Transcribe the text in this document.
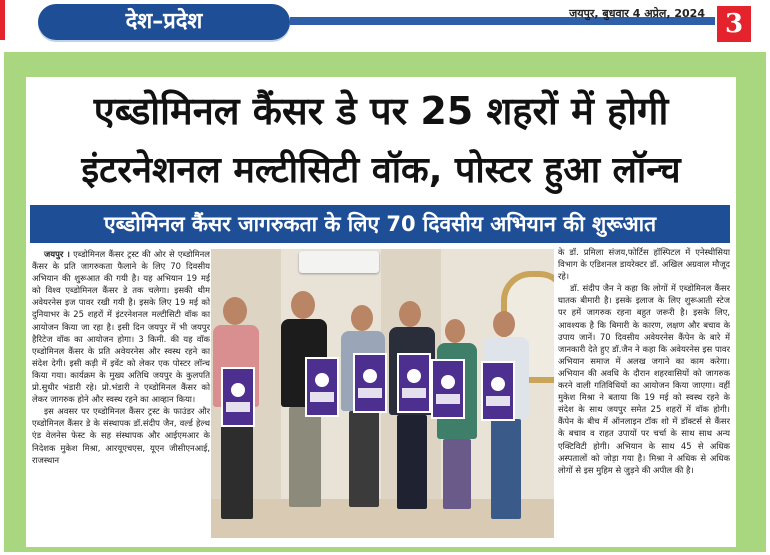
देश–प्रदेश	जयपुर, बुधवार 4 अप्रेल, 2024 3
एब्डोमिनल कैंसर डे पर 25 शहरों में होगी
इंटरनेशनल मल्टीसिटी वॉक, पोस्टर हुआ लॉन्च
एब्डोमिनल कैंसर जागरुकता के लिए 70 दिवसीय अभियान की शुरूआत

जयपुर । एब्डोमिनल कैंसर ट्रस्ट की ओर से एब्डोमिनल कैंसर के प्रति जागरुकता फैलाने के लिए 70 दिवसीय अभियान की शुरूआत की गयी है। यह अभियान 19 मई को विश्व एब्डोमिनल कैंसर डे तक चलेगा। इसकी थीम अवेयरनेस इज पावर रखी गयी है। इसके लिए 19 मई को दुनियाभर के 25 शहरों में इंटरनेशनल मल्टीसिटी वॉक का आयोजन किया जा रहा है। इसी दिन जयपुर में भी जयपुर हैरिटेज वॉक का आयोजन होगा। 3 किमी. की यह वॉक एब्डोमिनल कैंसर के प्रति अवेयरनेस और स्वस्थ रहने का संदेश देगी। इसी कड़ी में इवेंट को लेकर एक पोस्टर लॉन्च किया गया। कार्यक्रम के मुख्य अतिथि जयपुर के कुलपति प्रो.सुधीर भंडारी रहे। प्रो.भंडारी ने एब्डोमिनल कैंसर को लेकर जागरुक होने और स्वस्थ रहने का आव्हान किया।

इस अवसर पर एब्डोमिनल कैंसर ट्रस्ट के फाउंडर और एब्डोमिनल कैंसर डे के संस्थापक डॉ.संदीप जैन, वर्ल्ड हेल्थ एंड वेलनेस फेस्ट के सह संस्थापक और आईएमआर के निदेशक मुकेश मिश्रा, आरयूएचएस, यूएन जीसीएनआई, राजस्थान

के डॉ. प्रमिला संजय,फोर्टिस हॉस्पिटल में एनेस्थीसिया विभाग के एडिशनल डायरेक्टर डॉ. अखिल अग्रवाल मौजूद रहे।

डॉ. संदीप जैन ने कहा कि लोगों में एब्डोमिनल कैंसर घातक बीमारी है। इसके इलाज के लिए शुरूआती स्टेज पर हमें जागरुक रहना बहुत जरूरी है। इसके लिए, आवश्यक है कि बिमारी के कारण, लक्षण और बचाव के उपाय जानें। 70 दिवसीय अवेयरनेस कैंपेन के बारे में जानकारी देते हुए डॉ.जैन ने कहा कि अवेयरनेस इस पावर अभियान समाज में अलख जगाने का काम करेगा। अभियान की अवधि के दौरान शहरवासियों को जागरुक करने वाली गतिविधियों का आयोजन किया जाएगा। वहीं मुकेश मिश्रा ने बताया कि 19 मई को स्वस्थ रहने के संदेश के साथ जयपुर समेत 25 शहरों में वॉक होगी। कैंपेन के बीच में ऑनलाइन टॉक शो में डॉक्टर्स से कैंसर के बचाव व राहत उपायों पर चर्चा के साथ साथ अन्य एक्टिविटी होगी। अभियान के साथ 45 से अधिक अस्पतालों को जोड़ा गया है। मिश्रा ने अधिक से अधिक लोगों से इस मुहिम से जुड़ने की अपील की है।
